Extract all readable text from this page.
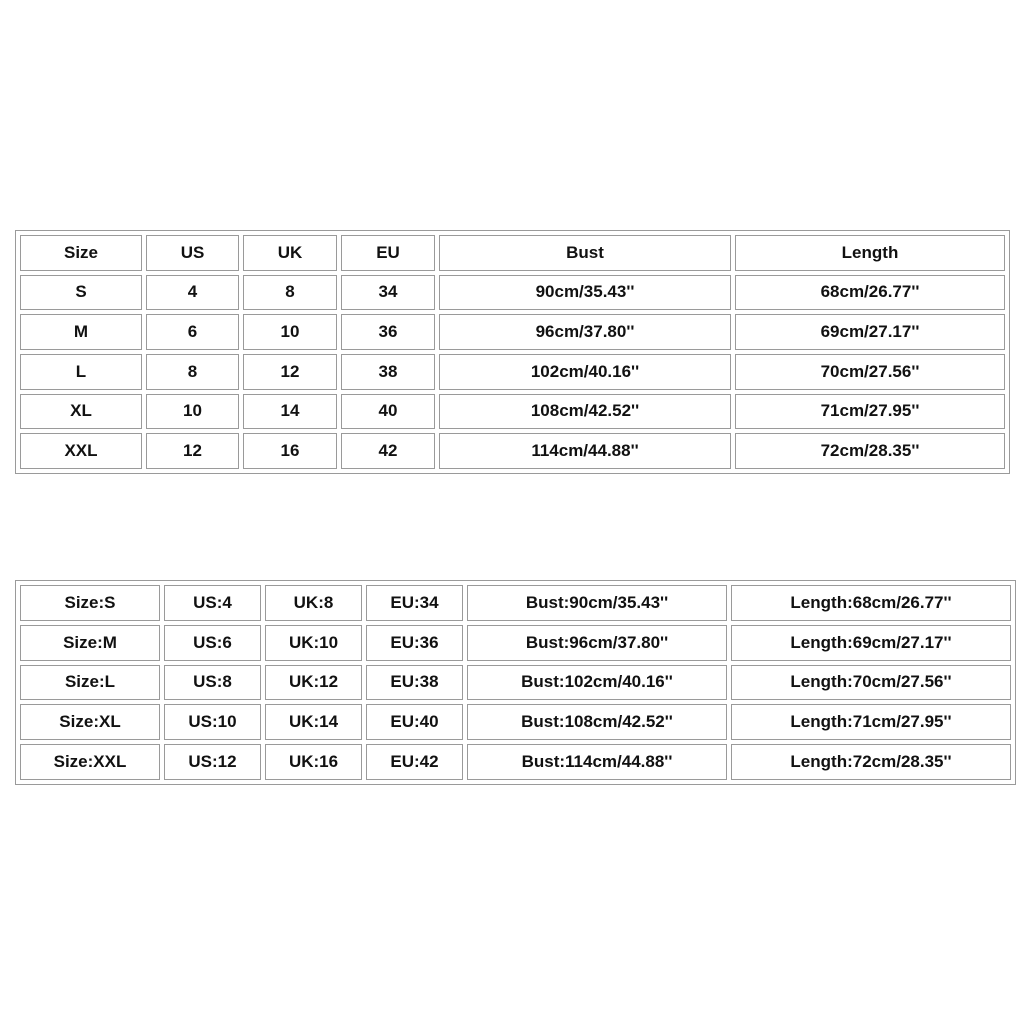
Size	US	UK	EU	Bust	Length
S	4	8	34	90cm/35.43''	68cm/26.77''
M	6	10	36	96cm/37.80''	69cm/27.17''
L	8	12	38	102cm/40.16''	70cm/27.56''
XL	10	14	40	108cm/42.52''	71cm/27.95''
XXL	12	16	42	114cm/44.88''	72cm/28.35''
Size:S	US:4	UK:8	EU:34	Bust:90cm/35.43''	Length:68cm/26.77''
Size:M	US:6	UK:10	EU:36	Bust:96cm/37.80''	Length:69cm/27.17''
Size:L	US:8	UK:12	EU:38	Bust:102cm/40.16''	Length:70cm/27.56''
Size:XL	US:10	UK:14	EU:40	Bust:108cm/42.52''	Length:71cm/27.95''
Size:XXL	US:12	UK:16	EU:42	Bust:114cm/44.88''	Length:72cm/28.35''
